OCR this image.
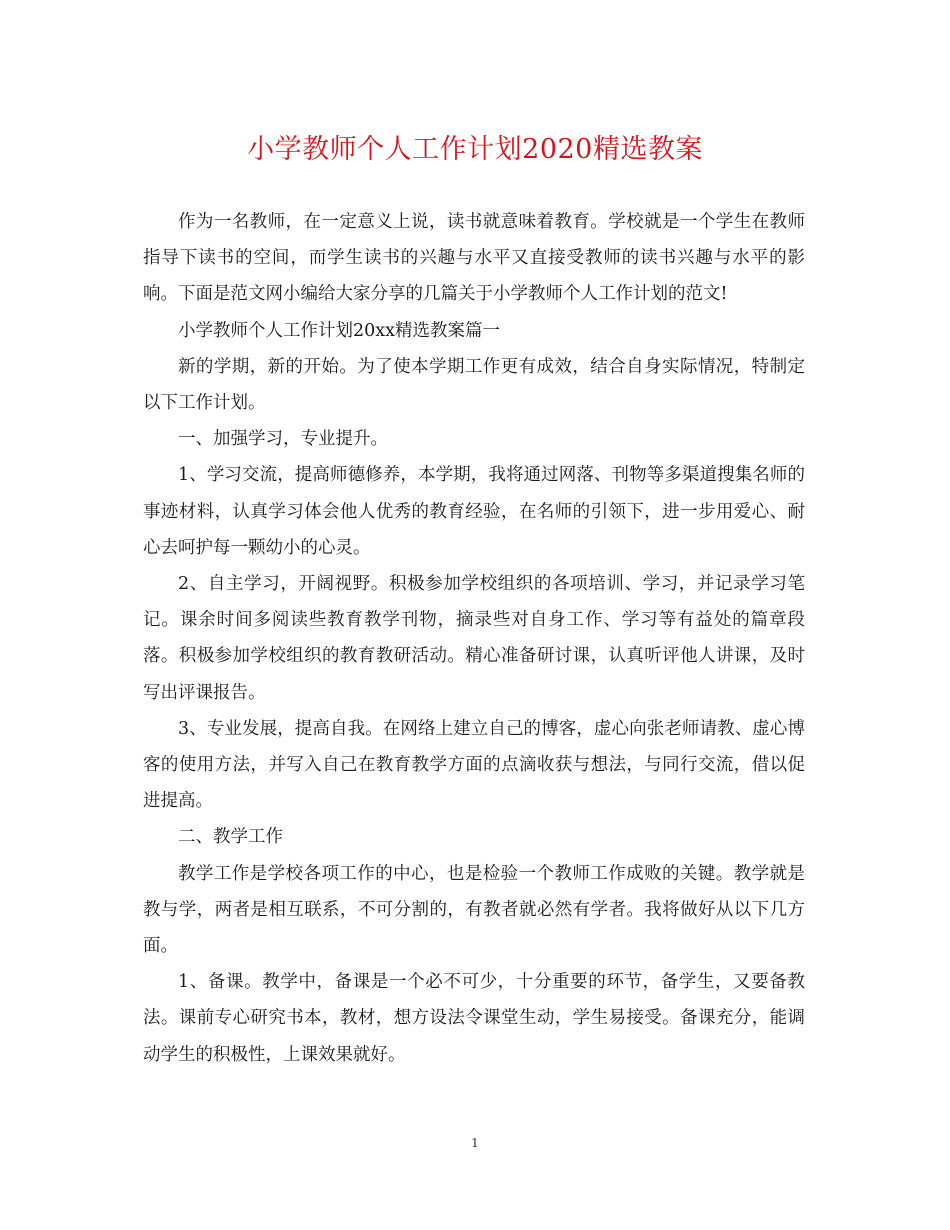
小学教师个人工作计划2020精选教案

作为一名教师，在一定意义上说，读书就意味着教育。学校就是一个学生在教师指导下读书的空间，而学生读书的兴趣与水平又直接受教师的读书兴趣与水平的影响。下面是范文网小编给大家分享的几篇关于小学教师个人工作计划的范文!

小学教师个人工作计划20xx精选教案篇一

新的学期，新的开始。为了使本学期工作更有成效，结合自身实际情况，特制定以下工作计划。

一、加强学习，专业提升。

1、学习交流，提高师德修养，本学期，我将通过网落、刊物等多渠道搜集名师的事迹材料，认真学习体会他人优秀的教育经验，在名师的引领下，进一步用爱心、耐心去呵护每一颗幼小的心灵。

2、自主学习，开阔视野。积极参加学校组织的各项培训、学习，并记录学习笔记。课余时间多阅读些教育教学刊物，摘录些对自身工作、学习等有益处的篇章段落。积极参加学校组织的教育教研活动。精心准备研讨课，认真听评他人讲课，及时写出评课报告。

3、专业发展，提高自我。在网络上建立自己的博客，虚心向张老师请教、虚心博客的使用方法，并写入自己在教育教学方面的点滴收获与想法，与同行交流，借以促进提高。

二、教学工作

教学工作是学校各项工作的中心，也是检验一个教师工作成败的关键。教学就是教与学，两者是相互联系，不可分割的，有教者就必然有学者。我将做好从以下几方面。

1、备课。教学中，备课是一个必不可少，十分重要的环节，备学生，又要备教法。课前专心研究书本，教材，想方设法令课堂生动，学生易接受。备课充分，能调动学生的积极性，上课效果就好。

1
